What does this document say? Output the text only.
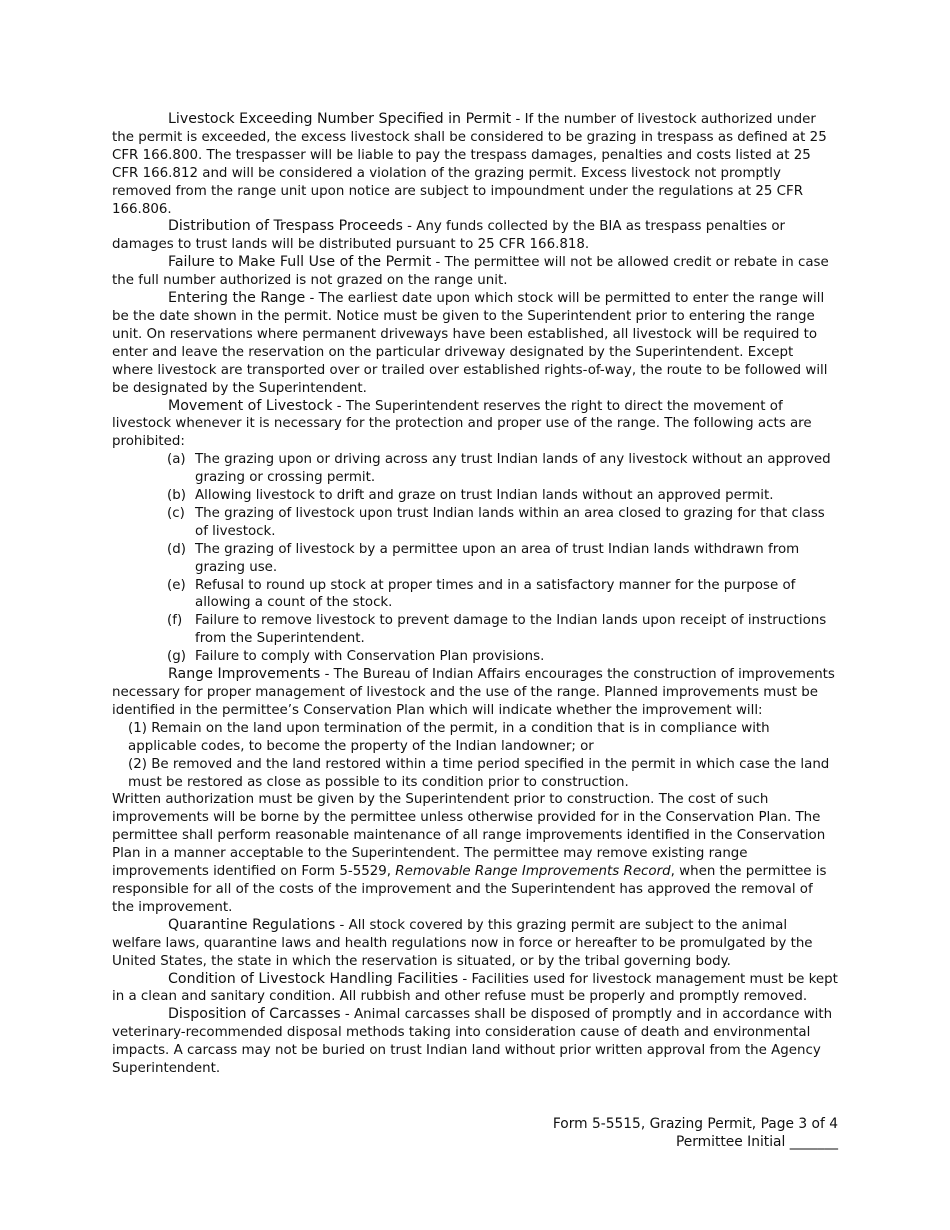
Livestock Exceeding Number Specified in Permit - If the number of livestock authorized under the permit is exceeded, the excess livestock shall be considered to be grazing in trespass as defined at 25 CFR 166.800. The trespasser will be liable to pay the trespass damages, penalties and costs listed at 25 CFR 166.812 and will be considered a violation of the grazing permit. Excess livestock not promptly removed from the range unit upon notice are subject to impoundment under the regulations at 25 CFR 166.806.

Distribution of Trespass Proceeds - Any funds collected by the BIA as trespass penalties or damages to trust lands will be distributed pursuant to 25 CFR 166.818.

Failure to Make Full Use of the Permit - The permittee will not be allowed credit or rebate in case the full number authorized is not grazed on the range unit.

Entering the Range - The earliest date upon which stock will be permitted to enter the range will be the date shown in the permit. Notice must be given to the Superintendent prior to entering the range unit. On reservations where permanent driveways have been established, all livestock will be required to enter and leave the reservation on the particular driveway designated by the Superintendent. Except where livestock are transported over or trailed over established rights-of-way, the route to be followed will be designated by the Superintendent.

Movement of Livestock - The Superintendent reserves the right to direct the movement of livestock whenever it is necessary for the protection and proper use of the range. The following acts are prohibited:

(a) The grazing upon or driving across any trust Indian lands of any livestock without an approved grazing or crossing permit.
(b) Allowing livestock to drift and graze on trust Indian lands without an approved permit.
(c) The grazing of livestock upon trust Indian lands within an area closed to grazing for that class of livestock.
(d) The grazing of livestock by a permittee upon an area of trust Indian lands withdrawn from grazing use.
(e) Refusal to round up stock at proper times and in a satisfactory manner for the purpose of allowing a count of the stock.
(f) Failure to remove livestock to prevent damage to the Indian lands upon receipt of instructions from the Superintendent.
(g) Failure to comply with Conservation Plan provisions.

Range Improvements - The Bureau of Indian Affairs encourages the construction of improvements necessary for proper management of livestock and the use of the range. Planned improvements must be identified in the permittee’s Conservation Plan which will indicate whether the improvement will:

(1) Remain on the land upon termination of the permit, in a condition that is in compliance with applicable codes, to become the property of the Indian landowner; or

(2) Be removed and the land restored within a time period specified in the permit in which case the land must be restored as close as possible to its condition prior to construction.

Written authorization must be given by the Superintendent prior to construction. The cost of such improvements will be borne by the permittee unless otherwise provided for in the Conservation Plan. The permittee shall perform reasonable maintenance of all range improvements identified in the Conservation Plan in a manner acceptable to the Superintendent. The permittee may remove existing range improvements identified on Form 5-5529, Removable Range Improvements Record, when the permittee is responsible for all of the costs of the improvement and the Superintendent has approved the removal of the improvement.

Quarantine Regulations - All stock covered by this grazing permit are subject to the animal welfare laws, quarantine laws and health regulations now in force or hereafter to be promulgated by the United States, the state in which the reservation is situated, or by the tribal governing body.

Condition of Livestock Handling Facilities - Facilities used for livestock management must be kept in a clean and sanitary condition. All rubbish and other refuse must be properly and promptly removed.

Disposition of Carcasses - Animal carcasses shall be disposed of promptly and in accordance with veterinary-recommended disposal methods taking into consideration cause of death and environmental impacts. A carcass may not be buried on trust Indian land without prior written approval from the Agency Superintendent.

Form 5-5515, Grazing Permit, Page 3 of 4
Permittee Initial _______
